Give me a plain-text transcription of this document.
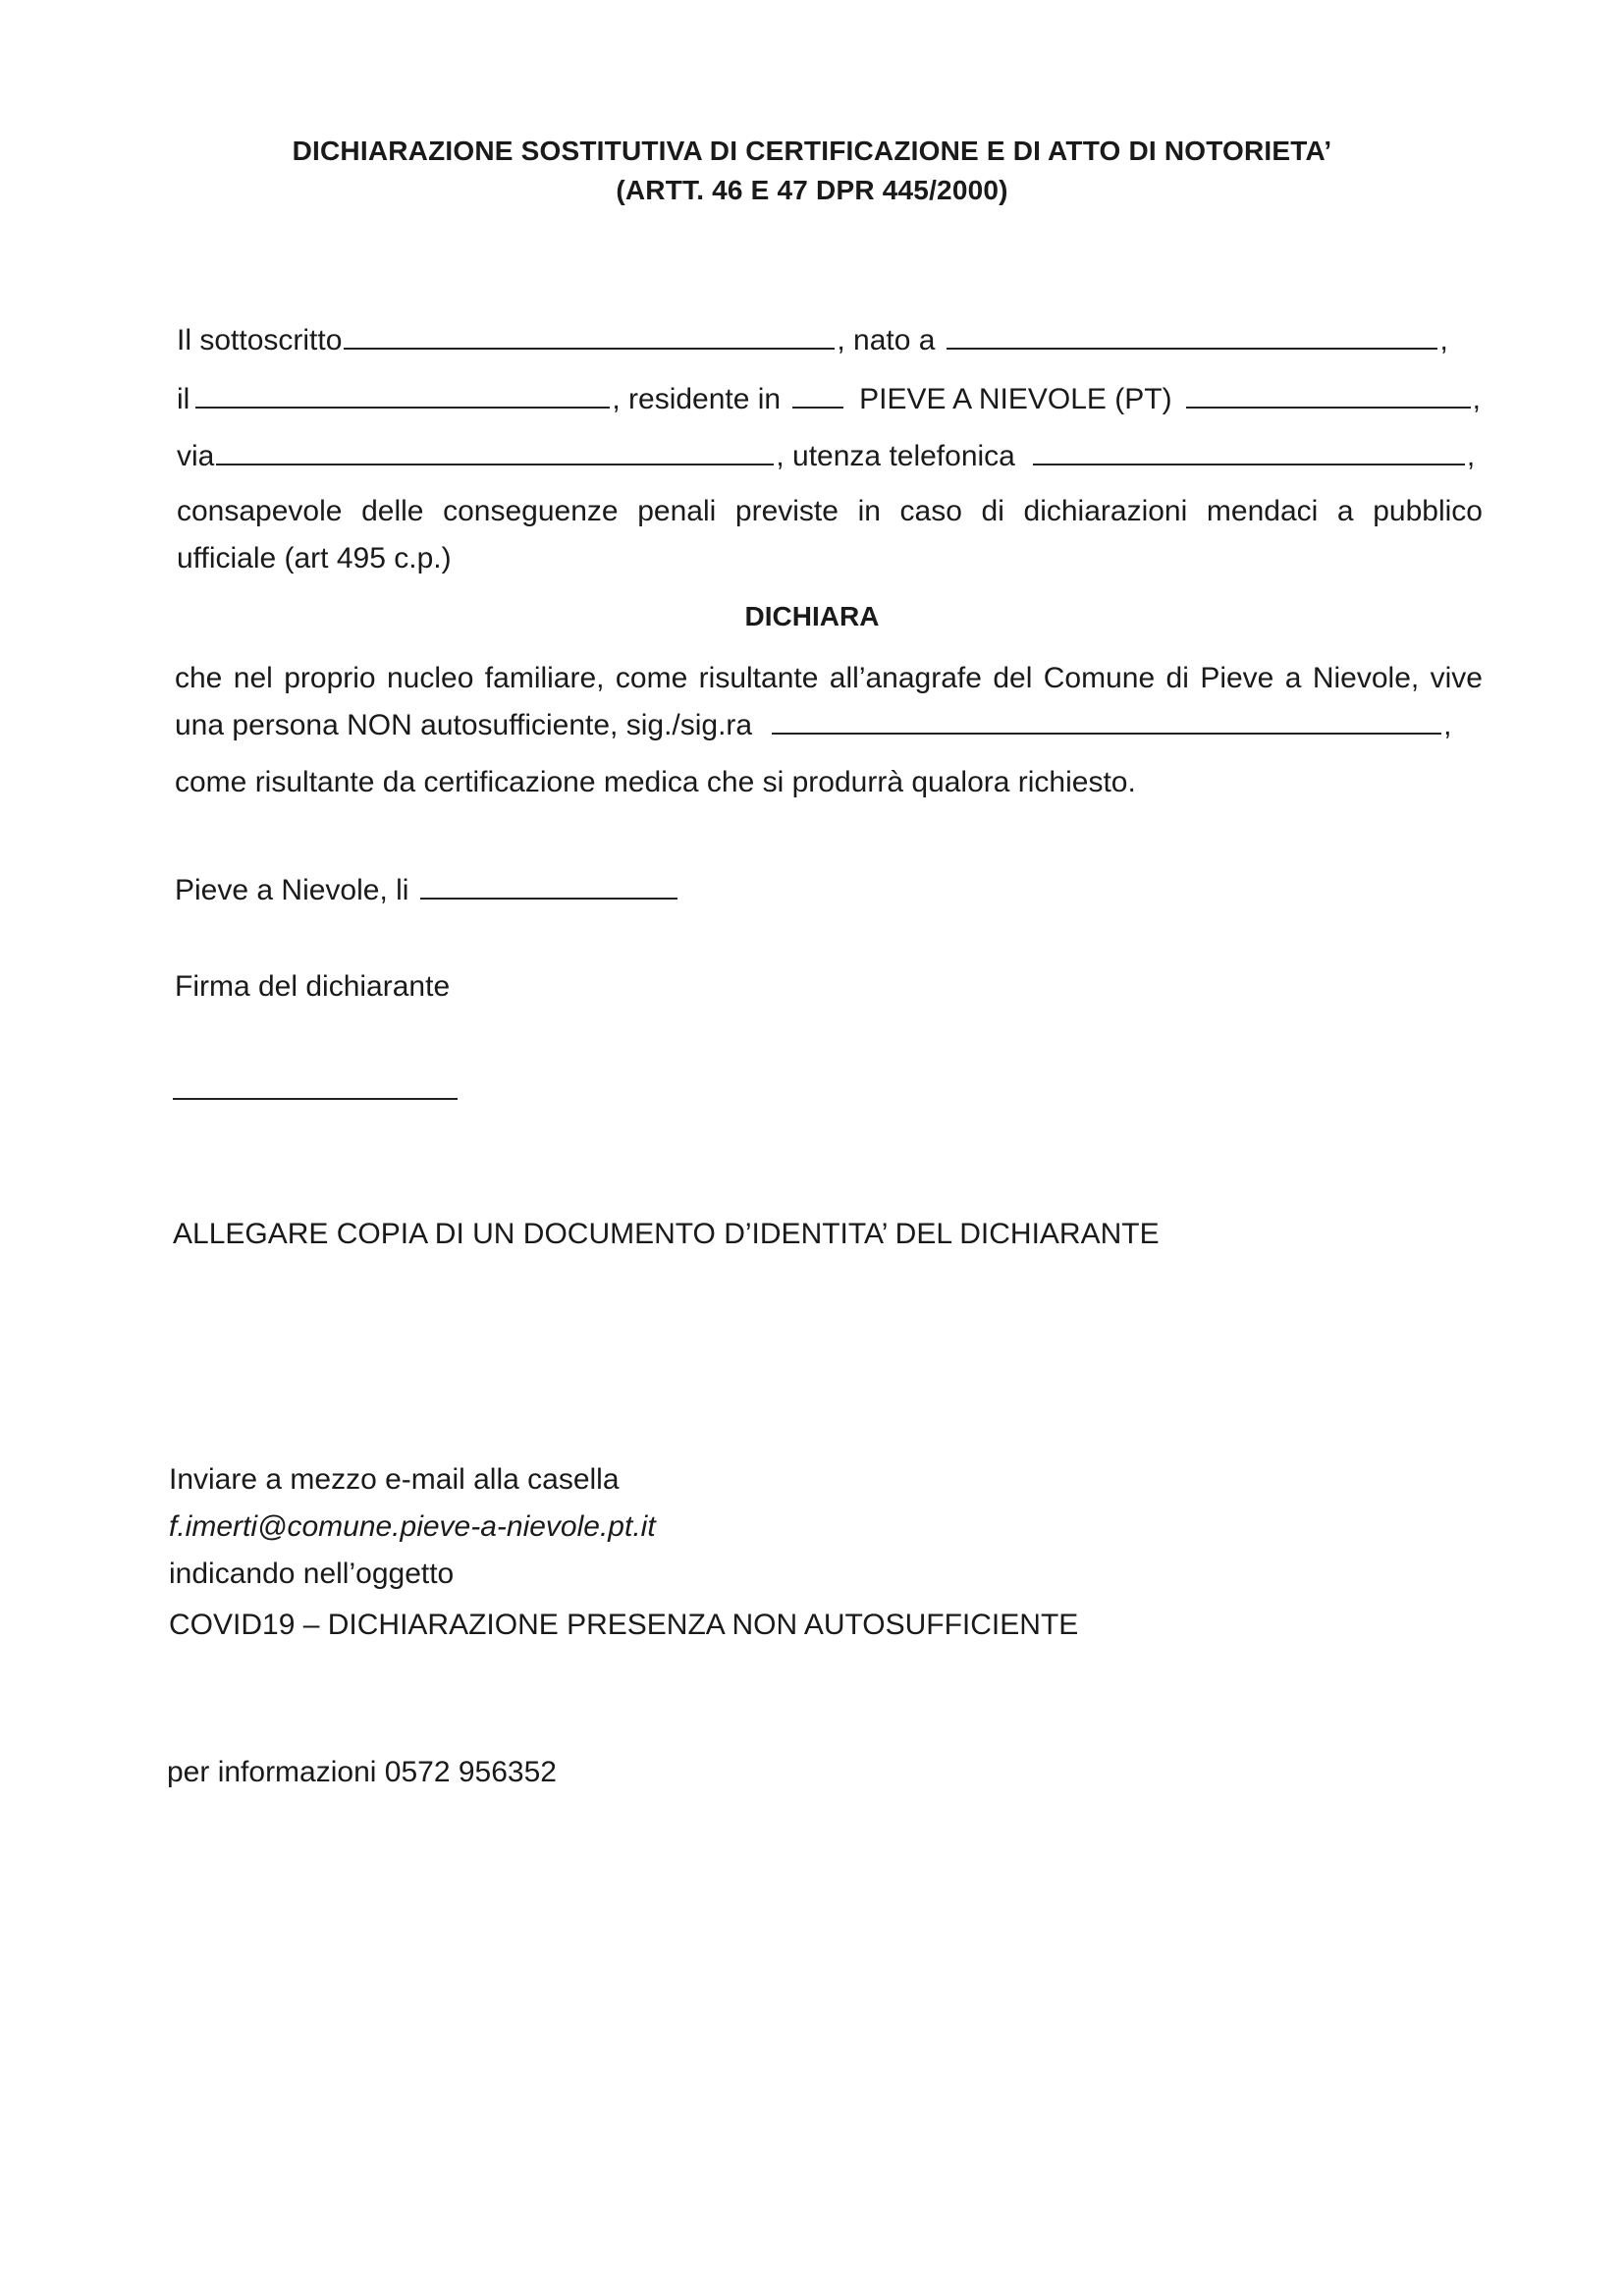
DICHIARAZIONE SOSTITUTIVA DI CERTIFICAZIONE E DI ATTO DI NOTORIETA’
(ARTT. 46 E 47 DPR 445/2000)
Il sottoscritto	, nato a	,
il	, residente in	PIEVE A NIEVOLE (PT)	,
via	, utenza telefonica	,
consapevole delle conseguenze penali previste in caso di dichiarazioni mendaci a pubblico
ufficiale (art 495 c.p.)
DICHIARA
che nel proprio nucleo familiare, come risultante all’anagrafe del Comune di Pieve a Nievole, vive
una persona NON autosufficiente, sig./sig.ra	,
come risultante da certificazione medica che si produrrà qualora richiesto.
Pieve a Nievole, li
Firma del dichiarante
ALLEGARE COPIA DI UN DOCUMENTO D’IDENTITA’ DEL DICHIARANTE
Inviare a mezzo e-mail alla casella
f.imerti@comune.pieve-a-nievole.pt.it
indicando nell’oggetto
COVID19 – DICHIARAZIONE PRESENZA NON AUTOSUFFICIENTE
per informazioni 0572 956352
